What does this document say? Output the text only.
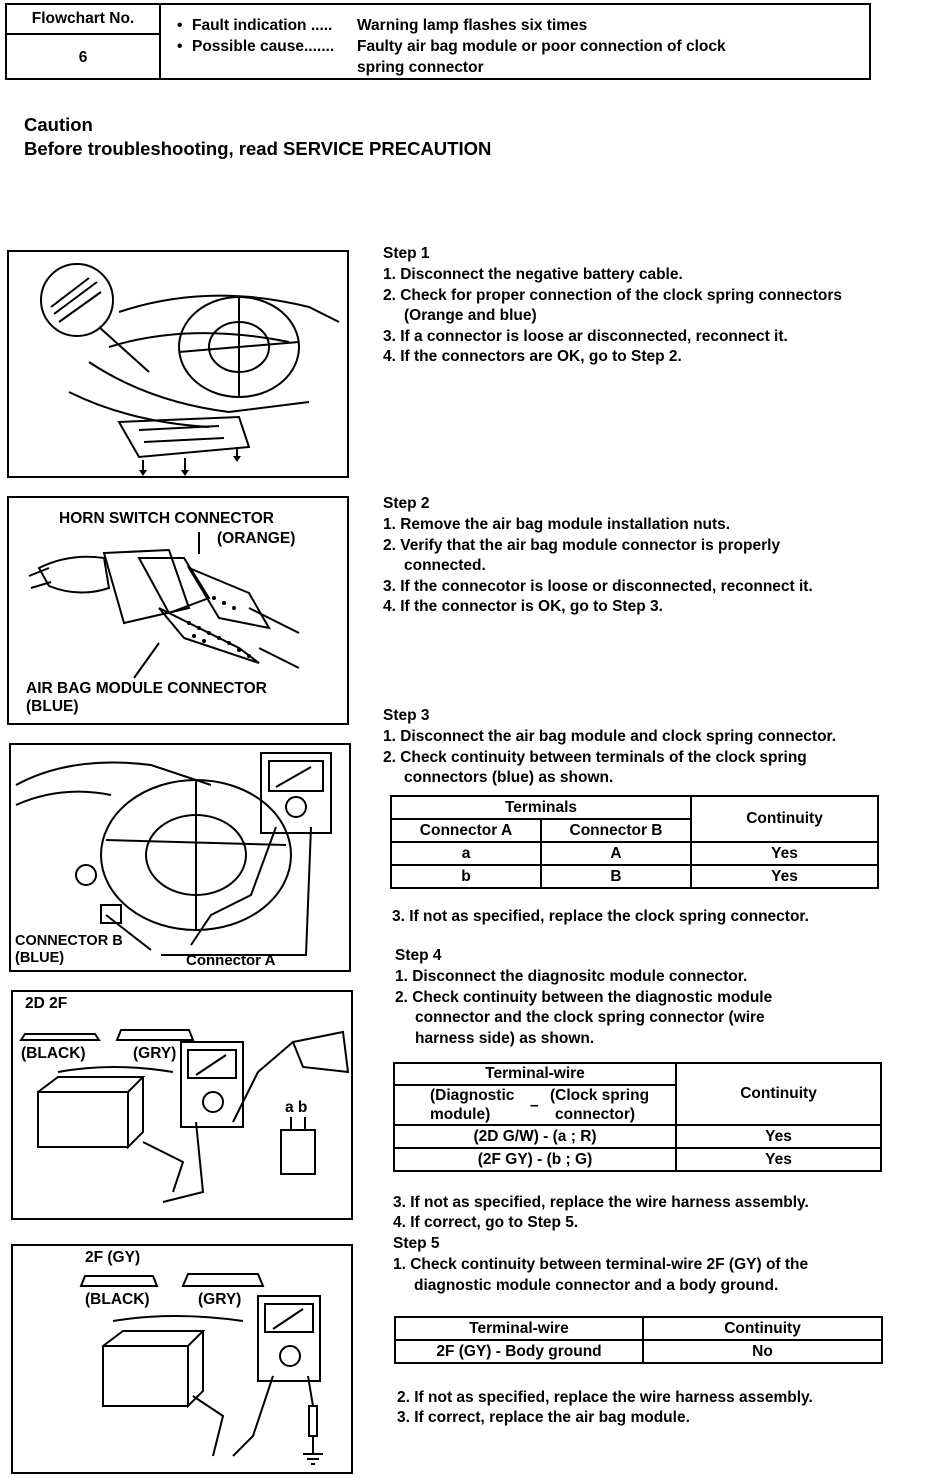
Flowchart No.
6
• Fault indication ..... Warning lamp flashes six times
• Possible cause....... Faulty air bag module or poor connection of clock
spring connector
Caution
Before troubleshooting, read SERVICE PRECAUTION
Step 1
1. Disconnect the negative battery cable.
2. Check for proper connection of the clock spring connectors
(Orange and blue)
3. If a connector is loose ar disconnected, reconnect it.
4. If the connectors are OK, go to Step 2.
HORN SWITCH CONNECTOR
(ORANGE)
AIR BAG MODULE CONNECTOR
(BLUE)
Step 2
1. Remove the air bag module installation nuts.
2. Verify that the air bag module connector is properly
connected.
3. If the connecotor is loose or disconnected, reconnect it.
4. If the connector is OK, go to Step 3.
CONNECTOR B
(BLUE)	Connector A
Step 3
1. Disconnect the air bag module and clock spring connector.
2. Check continuity between terminals of the clock spring
connectors (blue) as shown.
Terminals		Continuity
Connector A	Connector B	
a	A	Yes
b	B	Yes
3. If not as specified, replace the clock spring connector.
2D 2F
(BLACK)	(GRY)
a b
Step 4
1. Disconnect the diagnositc module connector.
2. Check continuity between the diagnostic module
connector and the clock spring connector (wire
harness side) as shown.
Terminal-wire	Continuity

(Diagnostic
module)
–
(Clock spring
connector)	

(2D G/W) - (a ; R)	Yes
(2F GY) - (b ; G)	Yes
3. If not as specified, replace the wire harness assembly.
4. If correct, go to Step 5.
Step 5
1. Check continuity between terminal-wire 2F (GY) of the
diagnostic module connector and a body ground.
Terminal-wire	Continuity
2F (GY) - Body ground	No
2. If not as specified, replace the wire harness assembly.
3. If correct, replace the air bag module.
2F (GY)
(BLACK)	(GRY)
